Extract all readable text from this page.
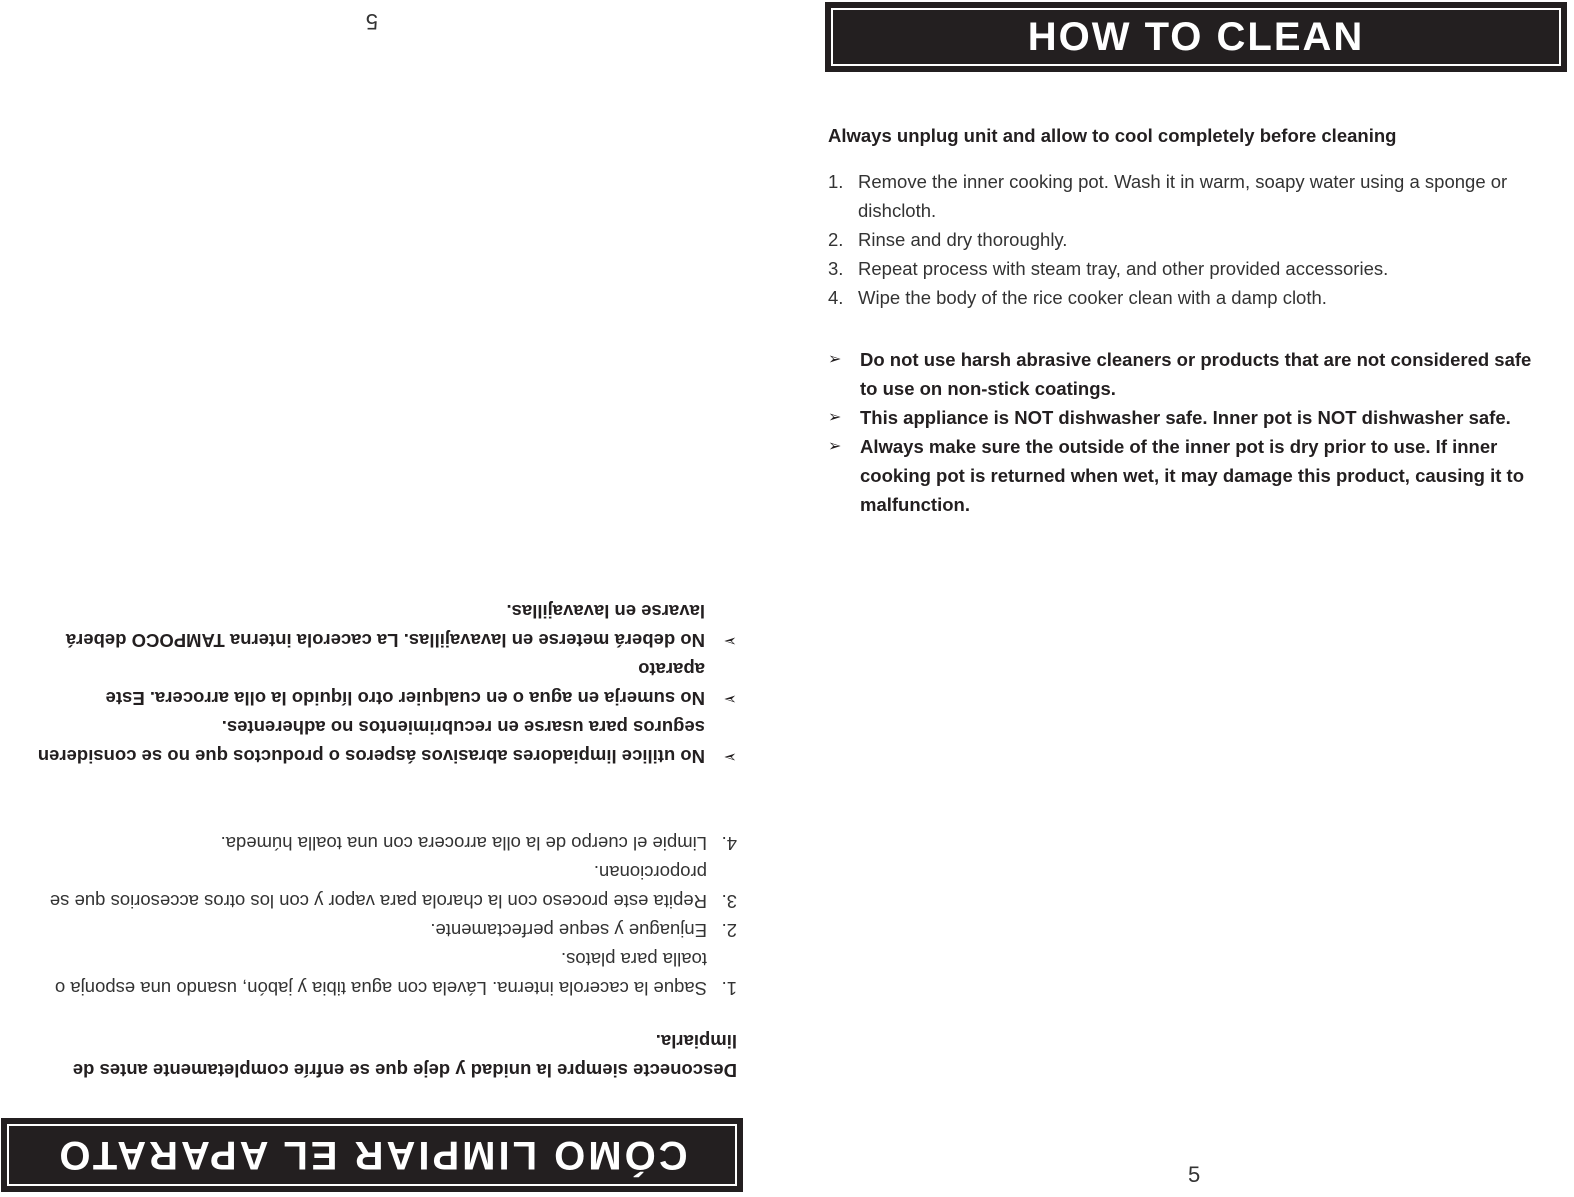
CÓMO LIMPIAR EL APARATO

Desconecte siempre la unidad y deje que se enfríe completamente antes de limpiarla.

1.
Saque la cacerola interna. Lávela con agua tibia y jabón, usando una esponja o toalla para platos.
2.
Enjuague y seque perfectamente.
3.
Repita este proceso con la charola para vapor y con los otros accesorios que se proporcionan.
4.
Limpie el cuerpo de la olla arrocera con una toalla húmeda.
➢
No utilice limpiadores abrasivos ásperos o productos que no se consideren seguros para usarse en recubrimientos no adherentes.
➢
No sumerja en agua o en cualquier otro líquido la olla arrocera. Este aparato
➢
No deberá meterse en lavavajillas. La cacerola interna TAMPOCO deberá lavarse en lavavajillas.
5	HOW TO CLEAN

Always unplug unit and allow to cool completely before cleaning

1. Remove the inner cooking pot. Wash it in warm, soapy water using a sponge or dishcloth.
2. Rinse and dry thoroughly.
3. Repeat process with steam tray, and other provided accessories.
4. Wipe the body of the rice cooker clean with a damp cloth.
➢	Do not use harsh abrasive cleaners or products that are not considered safe to use on non-stick coatings.
➢	This appliance is NOT dishwasher safe. Inner pot is NOT dishwasher safe.
➢	Always make sure the outside of the inner pot is dry prior to use. If inner cooking pot is returned when wet, it may damage this product, causing it to malfunction.
5
